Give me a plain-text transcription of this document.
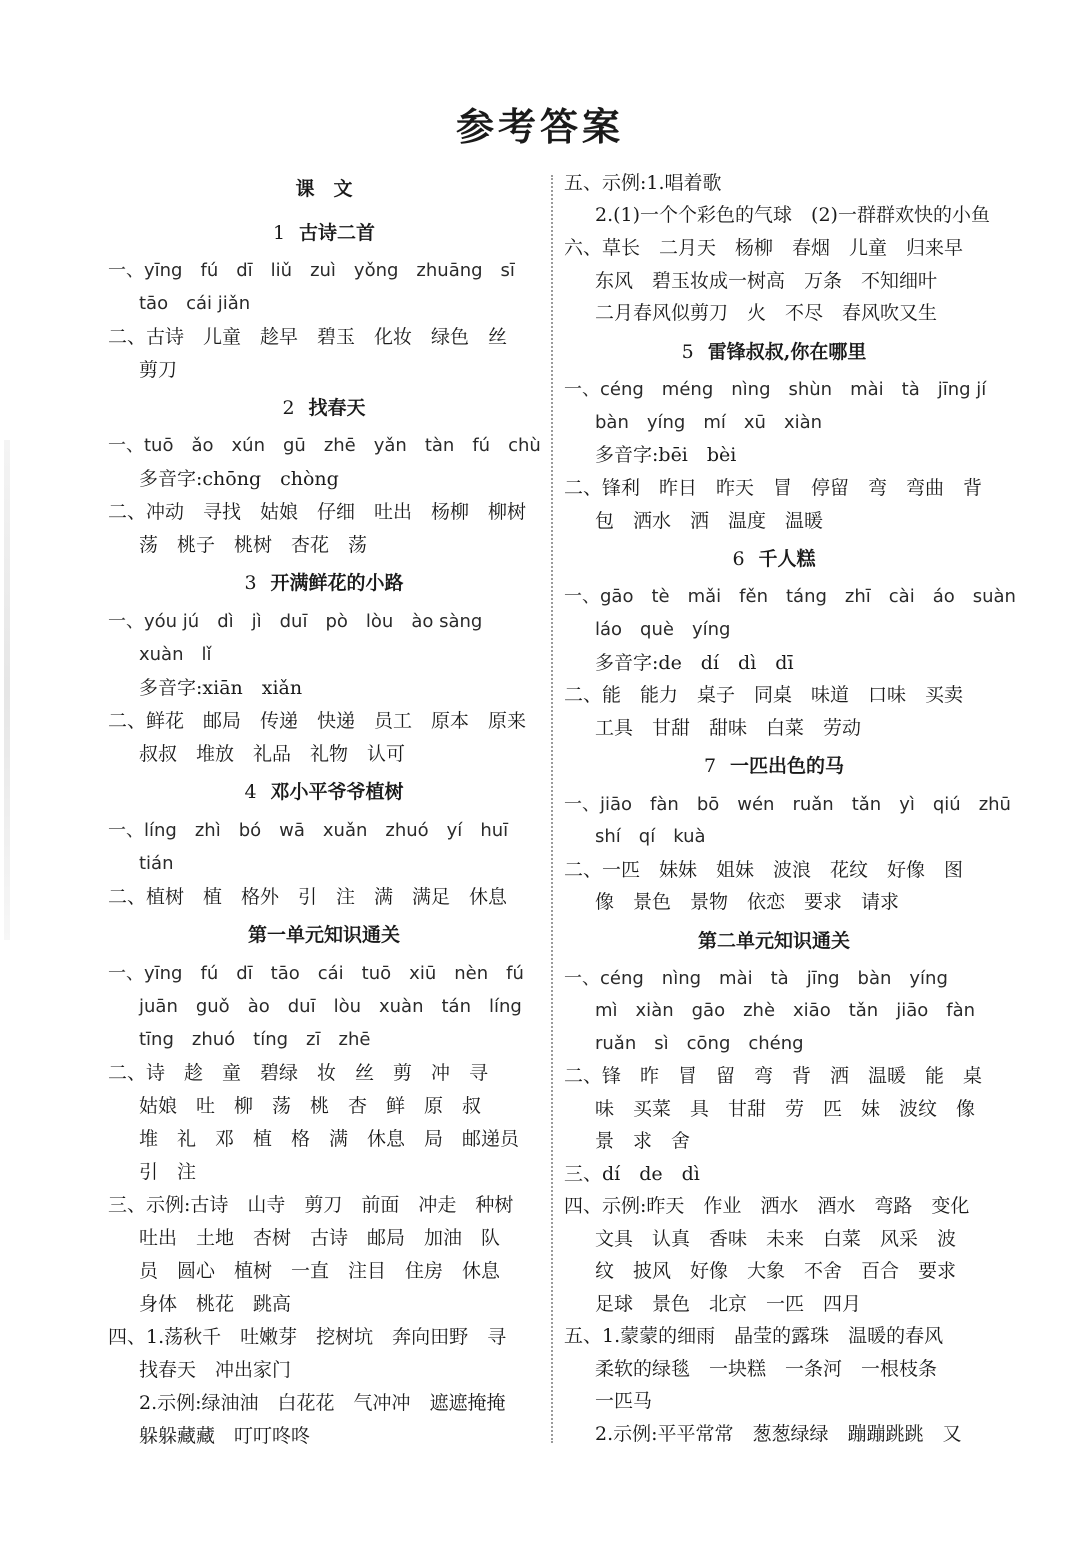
参考答案
课　文
1 古诗二首
一、yīng　fú　dī　liǔ　zuì　yǒng　zhuāng　sī
tāo　cái jiǎn
二、古诗　儿童　趁早　碧玉　化妆　绿色　丝
剪刀
2 找春天
一、tuō　ǎo　xún　gū　zhē　yǎn　tàn　fú　chù
多音字:chōng　chòng
二、冲动　寻找　姑娘　仔细　吐出　杨柳　柳树
荡　桃子　桃树　杏花　荡
3 开满鲜花的小路
一、yóu jú　dì　jì　duī　pò　lòu　ào sàng
xuàn　lǐ
多音字:xiān　xiǎn
二、鲜花　邮局　传递　快递　员工　原本　原来
叔叔　堆放　礼品　礼物　认可
4 邓小平爷爷植树
一、líng　zhì　bó　wā　xuǎn　zhuó　yí　huī
tián
二、植树　植　格外　引　注　满　满足　休息
第一单元知识通关
一、yīng　fú　dī　tāo　cái　tuō　xiū　nèn　fú
juān　guǒ　ào　duī　lòu　xuàn　tán　líng
tīng　zhuó　tíng　zī　zhē
二、诗　趁　童　碧绿　妆　丝　剪　冲　寻
姑娘　吐　柳　荡　桃　杏　鲜　原　叔
堆　礼　邓　植　格　满　休息　局　邮递员
引　注
三、示例:古诗　山寺　剪刀　前面　冲走　种树
吐出　土地　杏树　古诗　邮局　加油　队
员　圆心　植树　一直　注目　住房　休息
身体　桃花　跳高
四、1.荡秋千　吐嫩芽　挖树坑　奔向田野　寻
找春天　冲出家门
2.示例:绿油油　白花花　气冲冲　遮遮掩掩
躲躲藏藏　叮叮咚咚
五、示例:1.唱着歌
2.(1)一个个彩色的气球　(2)一群群欢快的小鱼
六、草长　二月天　杨柳　春烟　儿童　归来早
东风　碧玉妆成一树高　万条　不知细叶
二月春风似剪刀　火　不尽　春风吹又生
5 雷锋叔叔,你在哪里
一、céng　méng　nìng　shùn　mài　tà　jīng jí
bàn　yíng　mí　xū　xiàn
多音字:bēi　bèi
二、锋利　昨日　昨天　冒　停留　弯　弯曲　背
包　洒水　洒　温度　温暖
6 千人糕
一、gāo　tè　mǎi　fěn　táng　zhī　cài　áo　suàn
láo　què　yíng
多音字:de　dí　dì　dī
二、能　能力　桌子　同桌　味道　口味　买卖
工具　甘甜　甜味　白菜　劳动
7 一匹出色的马
一、jiāo　fàn　bō　wén　ruǎn　tǎn　yì　qiú　zhū
shí　qí　kuà
二、一匹　妹妹　姐妹　波浪　花纹　好像　图
像　景色　景物　依恋　要求　请求
第二单元知识通关
一、céng　nìng　mài　tà　jīng　bàn　yíng
mì　xiàn　gāo　zhè　xiāo　tǎn　jiāo　fàn
ruǎn　sì　cōng　chéng
二、锋　昨　冒　留　弯　背　洒　温暖　能　桌
味　买菜　具　甘甜　劳　匹　妹　波纹　像
景　求　舍
三、dí　de　dì
四、示例:昨天　作业　洒水　酒水　弯路　变化
文具　认真　香味　未来　白菜　风采　波
纹　披风　好像　大象　不舍　百合　要求
足球　景色　北京　一匹　四月
五、1.蒙蒙的细雨　晶莹的露珠　温暖的春风
柔软的绿毯　一块糕　一条河　一根枝条
一匹马
2.示例:平平常常　葱葱绿绿　蹦蹦跳跳　又
